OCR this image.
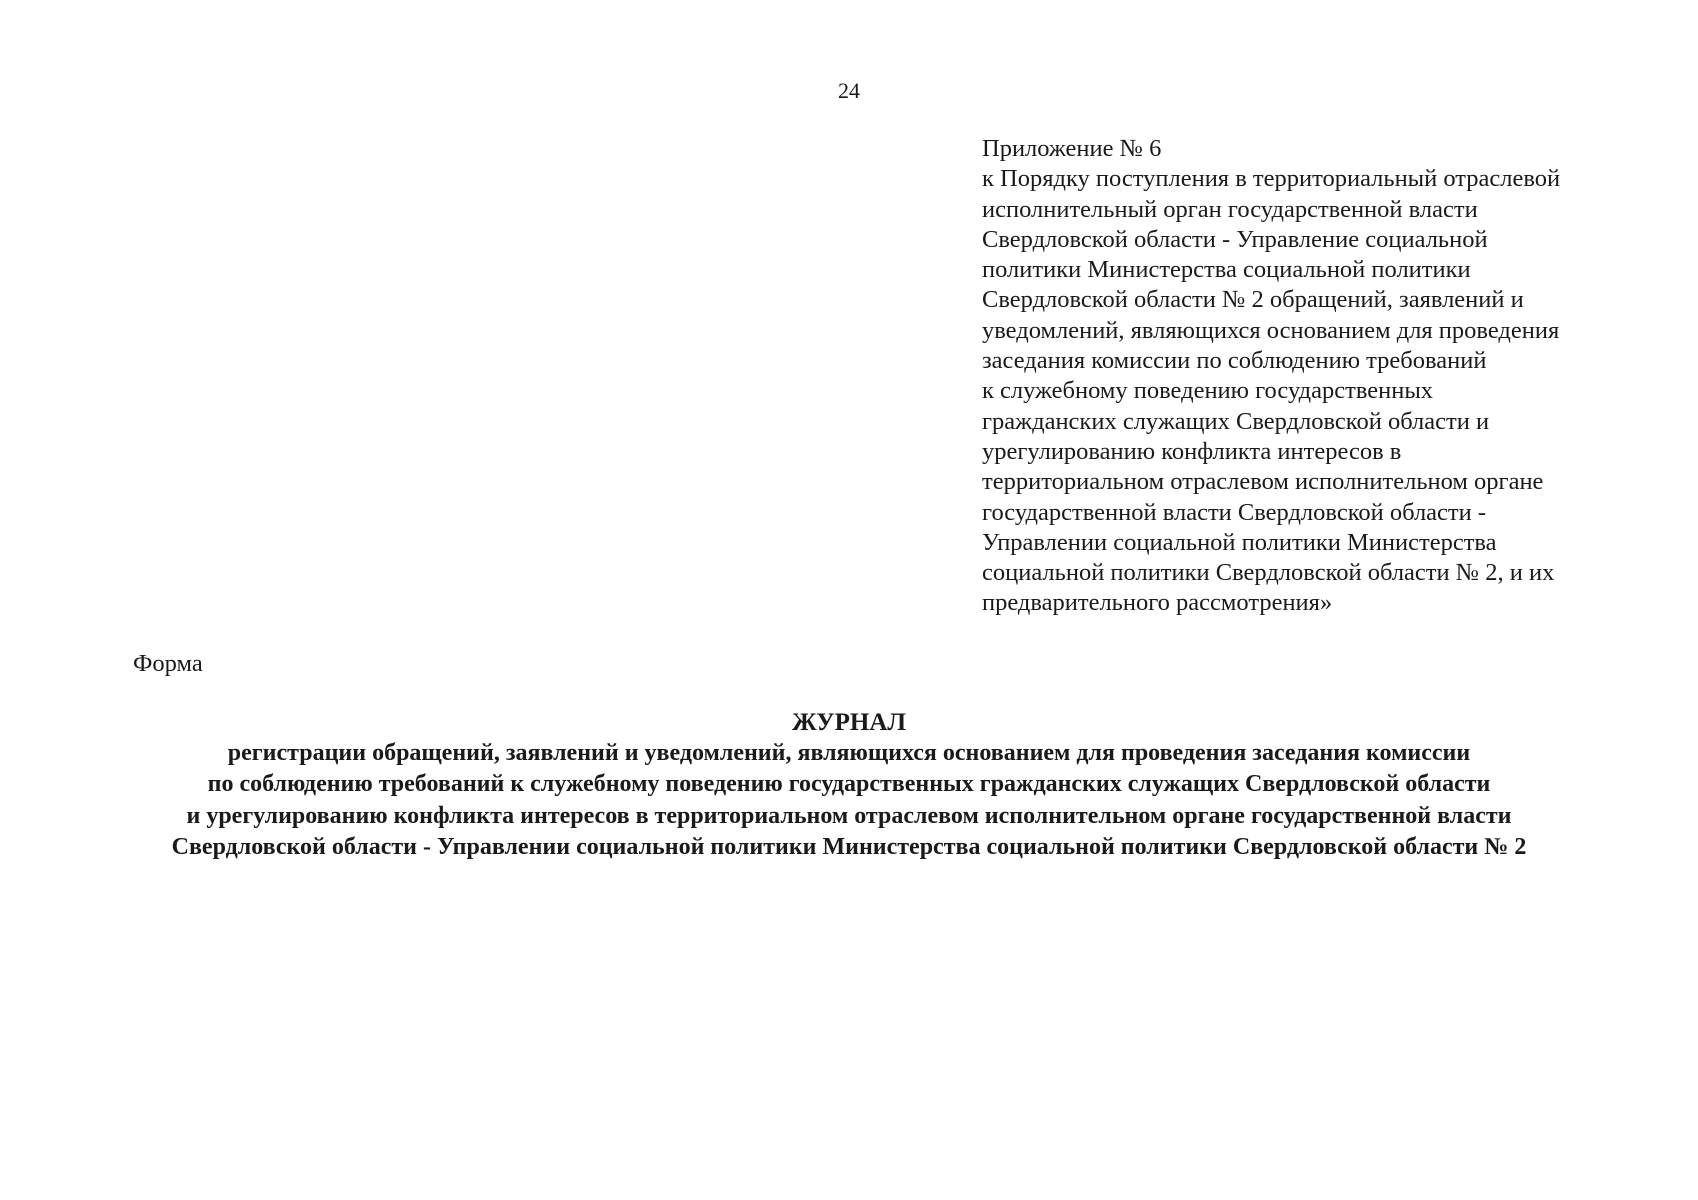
24
Приложение № 6
к Порядку поступления в территориальный отраслевой
исполнительный орган государственной власти
Свердловской области - Управление социальной
политики Министерства социальной политики
Свердловской области № 2 обращений, заявлений и
уведомлений, являющихся основанием для проведения
заседания комиссии по соблюдению требований
к служебному поведению государственных
гражданских служащих Свердловской области и
урегулированию конфликта интересов в
территориальном отраслевом исполнительном органе
государственной власти Свердловской области -
Управлении социальной политики Министерства
социальной политики Свердловской области № 2, и их
предварительного рассмотрения»
Форма
ЖУРНАЛ
регистрации обращений, заявлений и уведомлений, являющихся основанием для проведения заседания комиссии
по соблюдению требований к служебному поведению государственных гражданских служащих Свердловской области
и урегулированию конфликта интересов в территориальном отраслевом исполнительном органе государственной власти
Свердловской области - Управлении социальной политики Министерства социальной политики Свердловской области № 2
